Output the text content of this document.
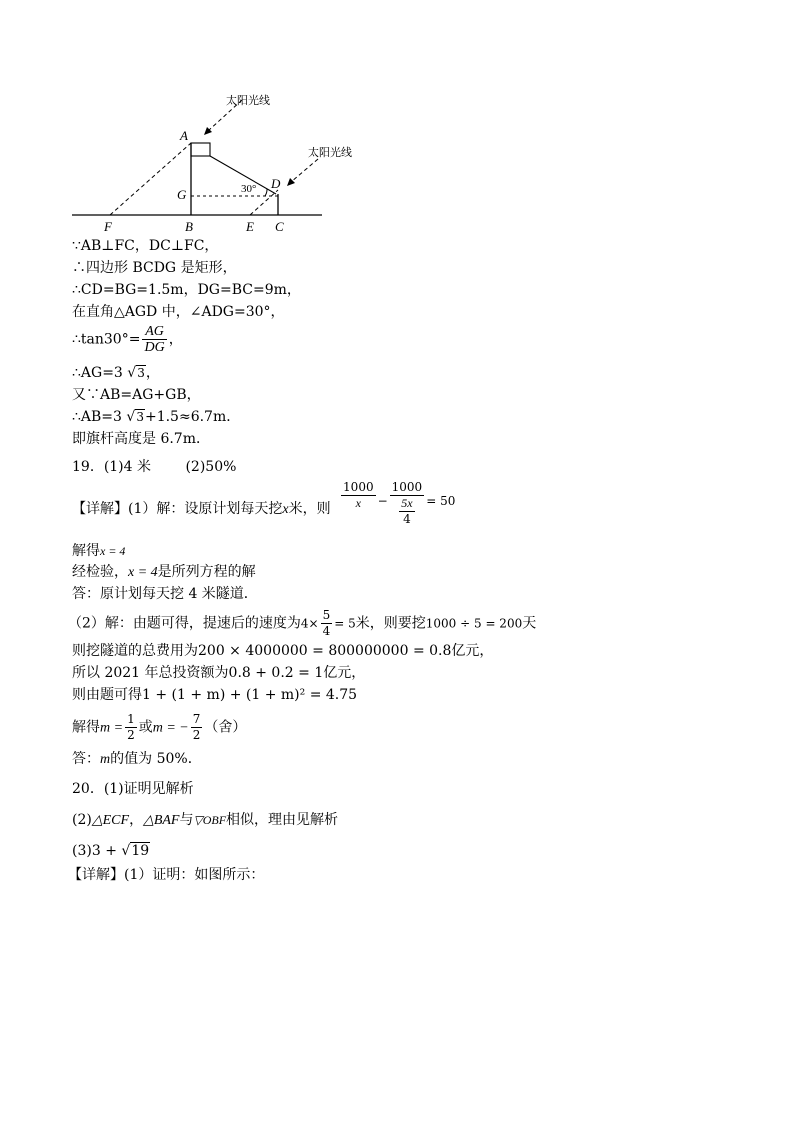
太阳光线
太阳光线
A
G	30° D
F	B	E C
∵AB⊥FC，DC⊥FC，
∴四边形 BCDG 是矩形，
∴CD=BG=1.5m，DG=BC=9m，
在直角△AGD 中，∠ADG=30°，
∴tan30°= $\frac{AG}{DG}$ ，
∴AG=3 √3，
又∵AB=AG+GB，
∴AB=3 √3+1.5≈6.7m．
即旗杆高度是 6.7m．
19．(1)4 米 (2)50%
【详解】(1）解：设原计划每天挖x米，则 $\frac{1000}{x} - \frac{1000}{\frac{5x}{4}} = 50$
解得x = 4
经检验，x = 4是所列方程的解
答：原计划每天挖 4 米隧道．
（2）解：由题可得，提速后的速度为$4\times \frac{5}{4} = 5$米，则要挖1000 ÷ 5 = 200天
则挖隧道的总费用为200 × 4000000 = 800000000 = 0.8亿元，
所以 2021 年总投资额为0.8 + 0.2 = 1亿元，
则由题可得1 + (1 + m) + (1 + m)² = 4.75
解得$m = \frac{1}{2}$ 或m = − $\frac{7}{2}$ （舍）
答：m的值为 50%．
20．(1)证明见解析
(2)△ECF，△BAF与▽OBF相似，理由见解析
(3)3 + √19
【详解】(1）证明：如图所示：
